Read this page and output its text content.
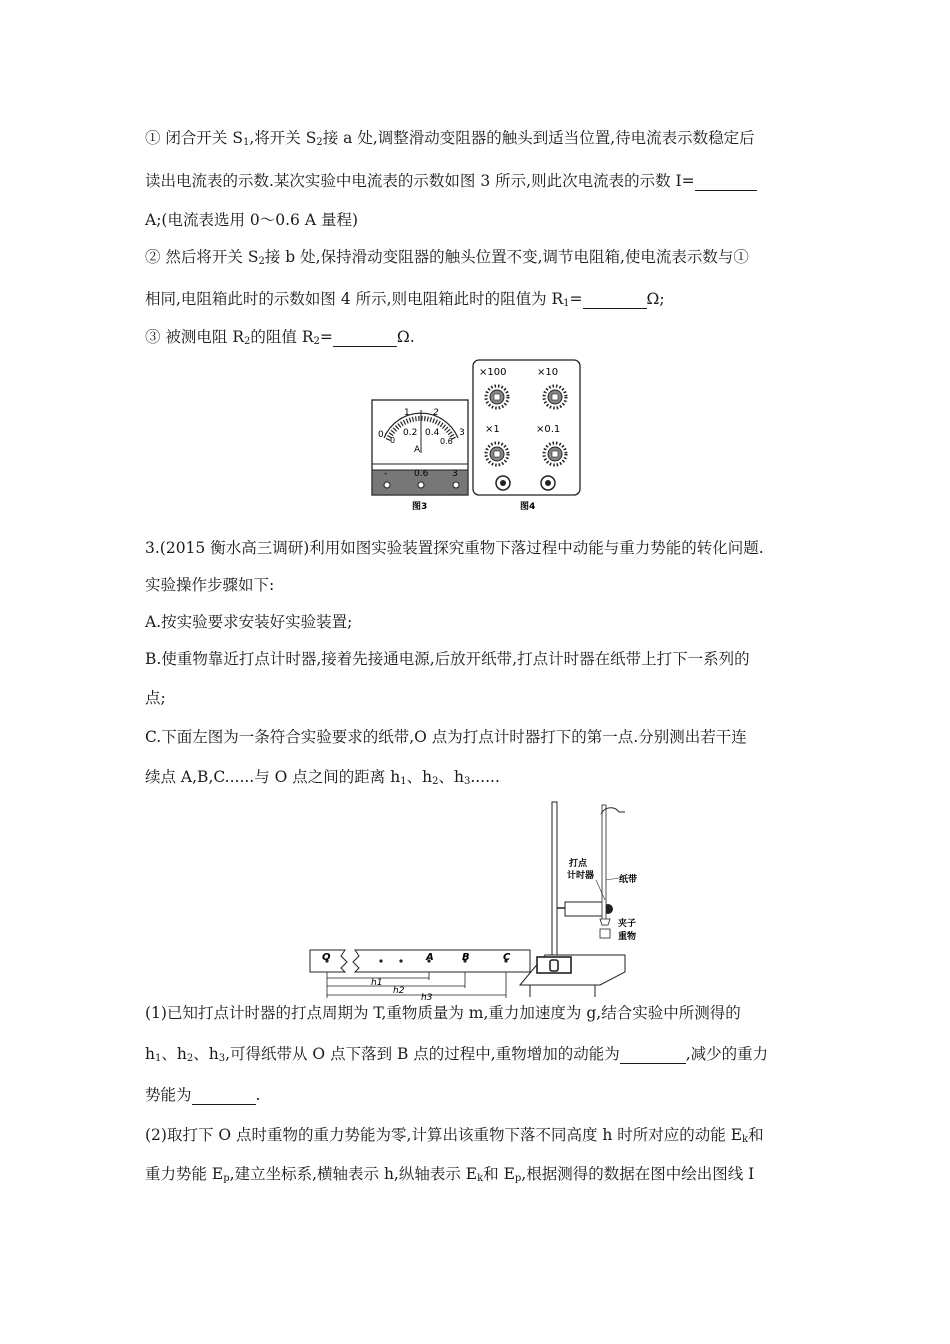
① 闭合开关 $S_1$,将开关 $S_2$接 a 处,调整滑动变阻器的触头到适当位置,待电流表示数稳定后
读出电流表的示数.某次实验中电流表的示数如图 3 所示,则此次电流表的示数 I=
A;(电流表选用 0～0.6 A 量程)
② 然后将开关 $S_2$接 b 处,保持滑动变阻器的触头位置不变,调节电阻箱,使电流表示数与①
相同,电阻箱此时的示数如图 4 所示,则电阻箱此时的阻值为 $R_1=$	Ω;
③ 被测电阻 $R_2$的阻值 $R_2=$	Ω.
0
1	2
3
0
0.2 0.4
0.6
A
-	0.6	3
图3
×100	×10
×1	×0.1
图4
3.(2015 衡水高三调研)利用如图实验装置探究重物下落过程中动能与重力势能的转化问题.
实验操作步骤如下:
A.按实验要求安装好实验装置;
B.使重物靠近打点计时器,接着先接通电源,后放开纸带,打点计时器在纸带上打下一系列的
点;
C.下面左图为一条符合实验要求的纸带,O 点为打点计时器打下的第一点.分别测出若干连
续点 A,B,C......与 O 点之间的距离 $h_1$、$h_2$、$h_3$......
O	A	B	C
h1
h2
h3
打点
计时器	纸带
夹子
重物
(1)已知打点计时器的打点周期为 T,重物质量为 m,重力加速度为 g,结合实验中所测得的
$h_1$、$h_2$、$h_3$,可得纸带从 O 点下落到 B 点的过程中,重物增加的动能为	,减少的重力
势能为	.
(2)取打下 O 点时重物的重力势能为零,计算出该重物下落不同高度 h 时所对应的动能 $E_k$和
重力势能 $E_p$,建立坐标系,横轴表示 h,纵轴表示 $E_k$和 $E_p$,根据测得的数据在图中绘出图线 I
